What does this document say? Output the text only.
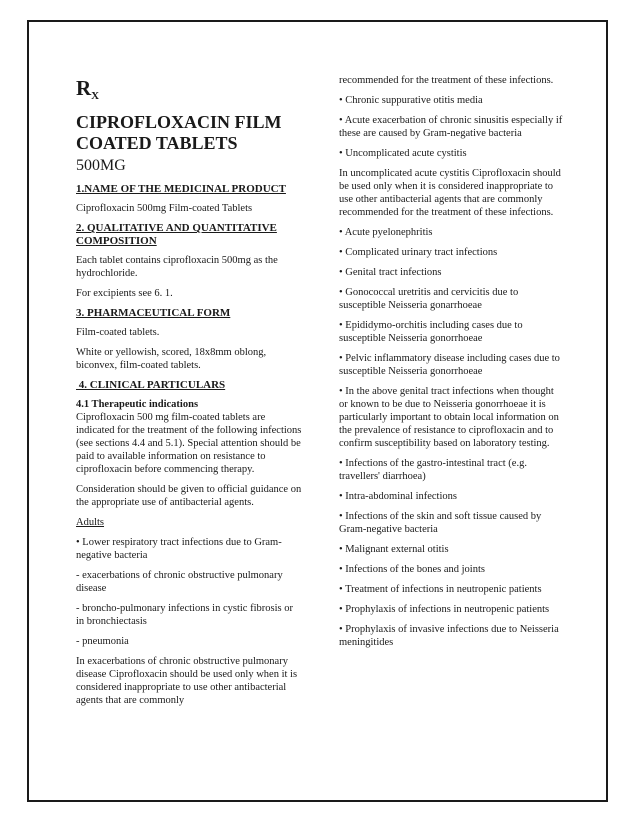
$R_X$
CIPROFLOXACIN FILM
COATED TABLETS
500MG
1.NAME OF THE MEDICINAL PRODUCT

Ciprofloxacin 500mg Film-coated Tablets

2. QUALITATIVE AND QUANTITATIVE COMPOSITION

Each tablet contains ciprofloxacin 500mg as the hydrochloride.

For excipients see 6. 1.

3. PHARMACEUTICAL FORM

Film-coated tablets.

White or yellowish, scored, 18x8mm oblong, biconvex, film-coated tablets.

4. CLINICAL PARTICULARS
4.1 Therapeutic indications

Ciprofloxacin 500 mg film-coated tablets are indicated for the treatment of the following infections (see sections 4.4 and 5.1). Special attention should be paid to available information on resistance to ciprofloxacin before commencing therapy.

Consideration should be given to official guidance on the appropriate use of antibacterial agents.

Adults

• Lower respiratory tract infections due to Gram-negative bacteria

- exacerbations of chronic obstructive pulmonary disease

- broncho-pulmonary infections in cystic fibrosis or in bronchiectasis

- pneumonia

In exacerbations of chronic obstructive pulmonary disease Ciprofloxacin should be used only when it is considered inappropriate to use other antibacterial agents that are commonly

recommended for the treatment of these infections.

• Chronic suppurative otitis media

• Acute exacerbation of chronic sinusitis especially if these are caused by Gram-negative bacteria

• Uncomplicated acute cystitis

In uncomplicated acute cystitis Ciprofloxacin should be used only when it is considered inappropriate to use other antibacterial agents that are commonly recommended for the treatment of these infections.

• Acute pyelonephritis

• Complicated urinary tract infections

• Genital tract infections

• Gonococcal uretritis and cervicitis due to susceptible Neisseria gonarrhoeae

• Epididymo-orchitis including cases due to susceptible Neisseria gonorrhoeae

• Pelvic inflammatory disease including cases due to susceptible Neisseria gonorrhoeae

• In the above genital tract infections when thought or known to be due to Neisseria gonorrhoeae it is particularly important to obtain local information on the prevalence of resistance to ciprofloxacin and to confirm susceptibility based on laboratory testing.

• Infections of the gastro-intestinal tract (e.g. travellers' diarrhoea)

• Intra-abdominal infections

• Infections of the skin and soft tissue caused by Gram-negative bacteria

• Malignant external otitis

• Infections of the bones and joints

• Treatment of infections in neutropenic patients

• Prophylaxis of infections in neutropenic patients

• Prophylaxis of invasive infections due to Neisseria meningitides
